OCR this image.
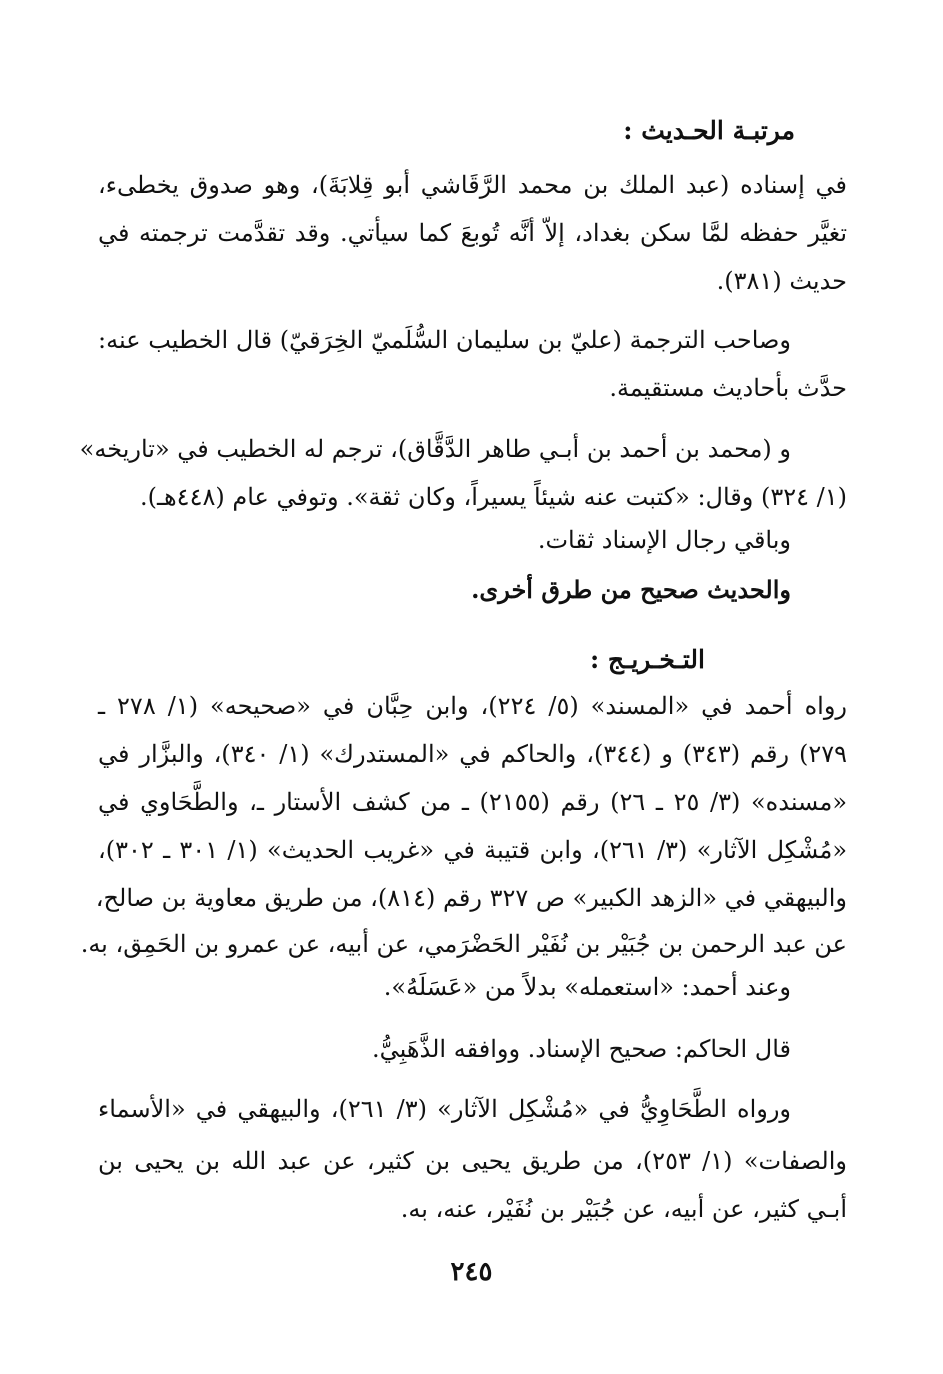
مرتبـة الحـديث :
في إسناده (عبد الملك بن محمد الرَّقَاشي أبو قِلابَةَ)، وهو صدوق يخطىء،
تغيَّر حفظه لمَّا سكن بغداد، إلاّ أنَّه تُوبعَ كما سيأتي. وقد تقدَّمت ترجمته في
حديث (٣٨١).
وصاحب الترجمة (عليّ بن سليمان السُّلَميّ الخِرَقيّ) قال الخطيب عنه:
حدَّث بأحاديث مستقيمة.
و (محمد بن أحمد بن أبـي طاهر الدَّقَّاق)، ترجم له الخطيب في «تاريخه»
(١/ ٣٢٤) وقال: «كتبت عنه شيئاً يسيراً، وكان ثقة». وتوفي عام (٤٤٨هـ).
وباقي رجال الإسناد ثقات.
والحديث صحيح من طرق أخرى.
التـخـريـج :
رواه أحمد في «المسند» (٥/ ٢٢٤)، وابن حِبَّان في «صحيحه» (١/ ٢٧٨ ـ
٢٧٩) رقم (٣٤٣) و (٣٤٤)، والحاكم في «المستدرك» (١/ ٣٤٠)، والبزَّار في
«مسنده» (٣/ ٢٥ ـ ٢٦) رقم (٢١٥٥) ـ من كشف الأستار ـ، والطَّحَاوي في
«مُشْكِل الآثار» (٣/ ٢٦١)، وابن قتيبة في «غريب الحديث» (١/ ٣٠١ ـ ٣٠٢)،
والبيهقي في «الزهد الكبير» ص ٣٢٧ رقم (٨١٤)، من طريق معاوية بن صالح،
عن عبد الرحمن بن جُبَيْر بن نُفَيْر الحَضْرَمي، عن أبيه، عن عمرو بن الحَمِق، به.
وعند أحمد: «استعمله» بدلاً من «عَسَلَهُ».
قال الحاكم: صحيح الإسناد. ووافقه الذَّهَبِيُّ.
ورواه الطَّحَاوِيُّ في «مُشْكِل الآثار» (٣/ ٢٦١)، والبيهقي في «الأسماء
والصفات» (١/ ٢٥٣)، من طريق يحيى بن كثير، عن عبد الله بن يحيى بن
أبـي كثير، عن أبيه، عن جُبَيْر بن نُفَيْر، عنه، به.
٢٤٥
